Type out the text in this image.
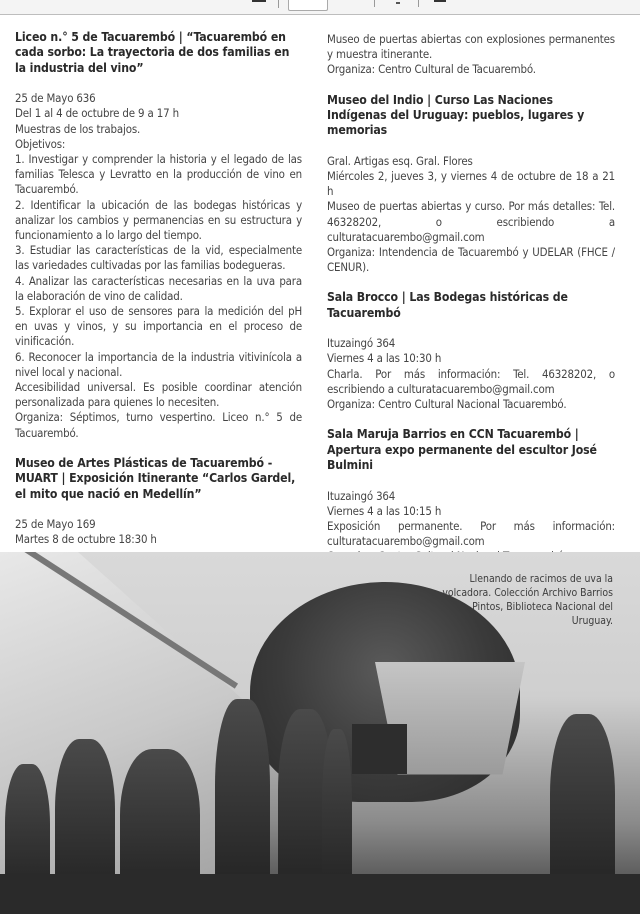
Liceo n.° 5 de Tacuarembó | “Tacuarembó en cada sorbo: La trayectoria de dos familias en la industria del vino”
25 de Mayo 636
Del 1 al 4 de octubre de 9 a 17 h
Muestras de los trabajos.
Objetivos:
1. Investigar y comprender la historia y el legado de las familias Telesca y Levratto en la producción de vino en Tacuarembó.
2. Identificar la ubicación de las bodegas históricas y analizar los cambios y permanencias en su estructura y funcionamiento a lo largo del tiempo.
3. Estudiar las características de la vid, especialmente las variedades cultivadas por las familias bodegueras.
4. Analizar las características necesarias en la uva para la elaboración de vino de calidad.
5. Explorar el uso de sensores para la medición del pH en uvas y vinos, y su importancia en el proceso de vinificación.
6. Reconocer la importancia de la industria vitivinícola a nivel local y nacional.
Accesibilidad universal. Es posible coordinar atención personalizada para quienes lo necesiten.
Organiza: Séptimos, turno vespertino. Liceo n.° 5 de Tacuarembó.
Museo de Artes Plásticas de Tacuarembó - MUART | Exposición Itinerante “Carlos Gardel, el mito que nació en Medellín”
25 de Mayo 169
Martes 8 de octubre 18:30 h
Museo de puertas abiertas con explosiones permanentes y muestra itinerante.
Organiza: Centro Cultural de Tacuarembó.
Museo del Indio | Curso Las Naciones Indígenas del Uruguay: pueblos, lugares y memorias
Gral. Artigas esq. Gral. Flores
Miércoles 2, jueves 3, y viernes 4 de octubre de 18 a 21 h
Museo de puertas abiertas y curso. Por más detalles: Tel. 46328202, o escribiendo a culturatacuarembo@gmail.com
Organiza: Intendencia de Tacuarembó y UDELAR (FHCE / CENUR).
Sala Brocco | Las Bodegas históricas de Tacuarembó
Ituzaingó 364
Viernes 4 a las 10:30 h
Charla. Por más información: Tel. 46328202, o escribiendo a culturatacuarembo@gmail.com
Organiza: Centro Cultural Nacional Tacuarembó.
Sala Maruja Barrios en CCN Tacuarembó | Apertura expo permanente del escultor José Bulmini
Ituzaingó 364
Viernes 4 a las 10:15 h
Exposición permanente. Por más información: culturatacuarembo@gmail.com
Llenando de racimos de uva la volcadora. Colección Archivo Barrios Pintos, Biblioteca Nacional del Uruguay.
